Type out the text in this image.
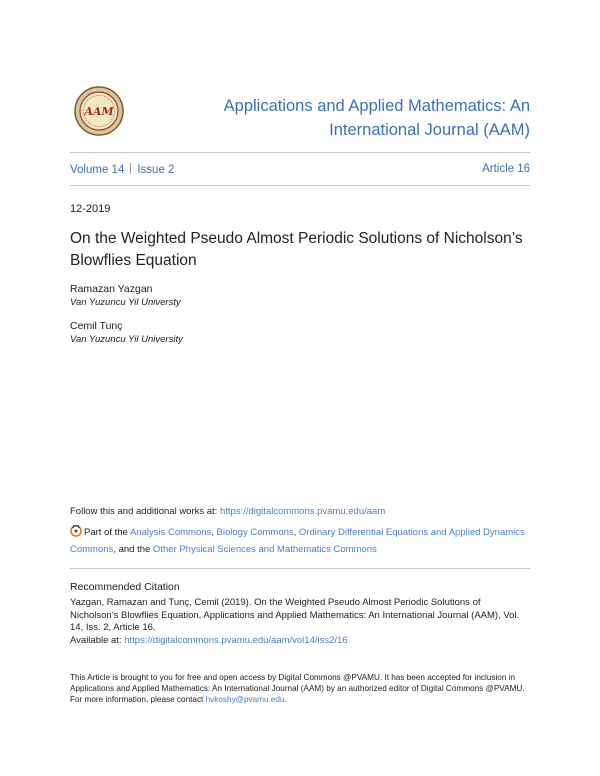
AAM	Applications and Applied Mathematics: An International Journal (AAM)
Volume 14 Issue 2	Article 16
12-2019
On the Weighted Pseudo Almost Periodic Solutions of Nicholson’s Blowflies Equation
Ramazan Yazgan
Van Yuzuncu Yil Universty
Cemil Tunç
Van Yuzuncu Yil University
Follow this and additional works at: https://digitalcommons.pvamu.edu/aam
Part of the Analysis Commons, Biology Commons, Ordinary Differential Equations and Applied Dynamics Commons, and the Other Physical Sciences and Mathematics Commons
Recommended Citation
Yazgan, Ramazan and Tunç, Cemil (2019). On the Weighted Pseudo Almost Periodic Solutions of Nicholson’s Blowflies Equation, Applications and Applied Mathematics: An International Journal (AAM), Vol. 14, Iss. 2, Article 16.
Available at: https://digitalcommons.pvamu.edu/aam/vol14/iss2/16
This Article is brought to you for free and open access by Digital Commons @PVAMU. It has been accepted for inclusion in Applications and Applied Mathematics: An International Journal (AAM) by an authorized editor of Digital Commons @PVAMU. For more information, please contact hvkoshy@pvamu.edu.
